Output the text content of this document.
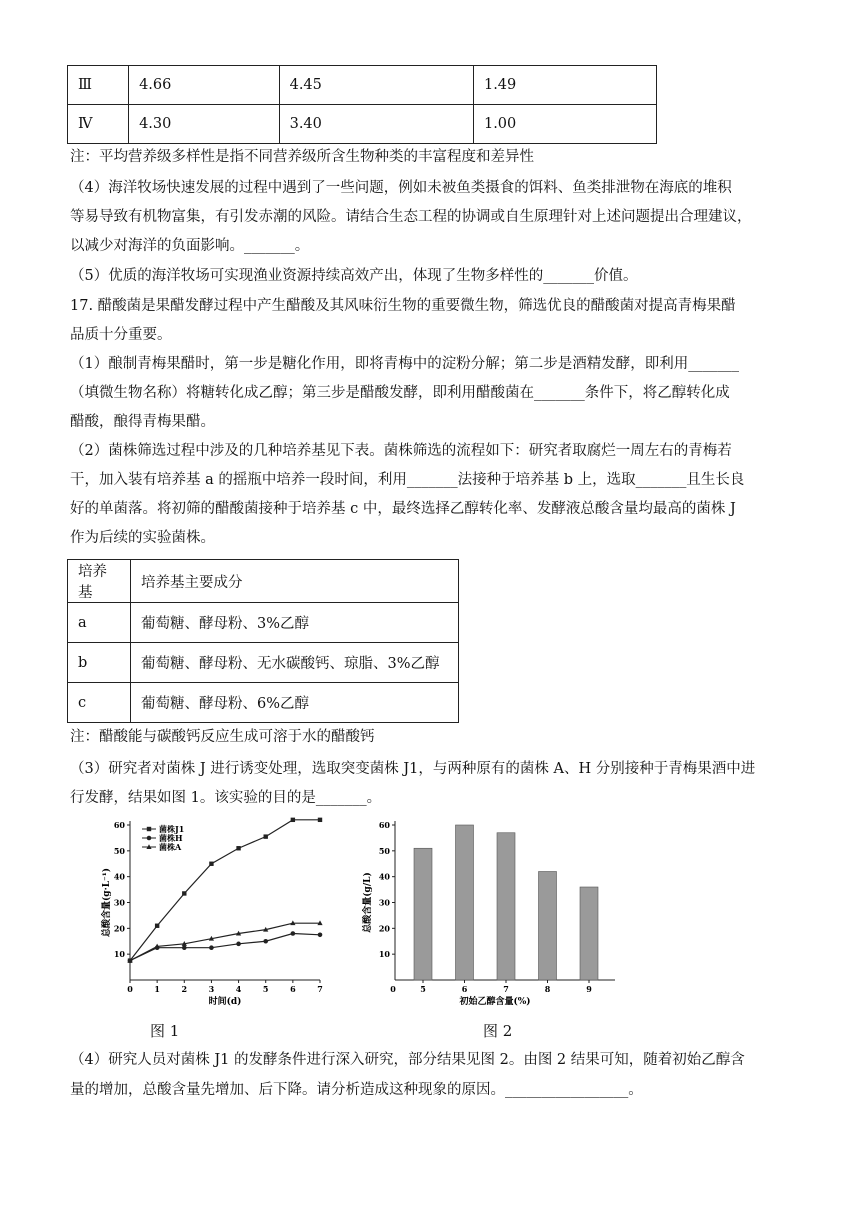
Ⅲ	4.66	4.45	1.49
Ⅳ	4.30	3.40	1.00
注：平均营养级多样性是指不同营养级所含生物种类的丰富程度和差异性
（4）海洋牧场快速发展的过程中遇到了一些问题，例如未被鱼类摄食的饵料、鱼类排泄物在海底的堆积
等易导致有机物富集，有引发赤潮的风险。请结合生态工程的协调或自生原理针对上述问题提出合理建议，
以减少对海洋的负面影响。_______。
（5）优质的海洋牧场可实现渔业资源持续高效产出，体现了生物多样性的_______价值。
17. 醋酸菌是果醋发酵过程中产生醋酸及其风味衍生物的重要微生物，筛选优良的醋酸菌对提高青梅果醋
品质十分重要。
（1）酿制青梅果醋时，第一步是糖化作用，即将青梅中的淀粉分解；第二步是酒精发酵，即利用_______
（填微生物名称）将糖转化成乙醇；第三步是醋酸发酵，即利用醋酸菌在_______条件下，将乙醇转化成
醋酸，酿得青梅果醋。
（2）菌株筛选过程中涉及的几种培养基见下表。菌株筛选的流程如下：研究者取腐烂一周左右的青梅若
干，加入装有培养基 a 的摇瓶中培养一段时间，利用_______法接种于培养基 b 上，选取_______且生长良
好的单菌落。将初筛的醋酸菌接种于培养基 c 中，最终选择乙醇转化率、发酵液总酸含量均最高的菌株 J
作为后续的实验菌株。
培养基	培养基主要成分
a	葡萄糖、酵母粉、3%乙醇
b	葡萄糖、酵母粉、无水碳酸钙、琼脂、3%乙醇
c	葡萄糖、酵母粉、6%乙醇
注：醋酸能与碳酸钙反应生成可溶于水的醋酸钙
（3）研究者对菌株 J 进行诱变处理，选取突变菌株 J1，与两种原有的菌株 A、H 分别接种于青梅果酒中进
行发酵，结果如图 1。该实验的目的是_______。
10
20
30
40
50
60
0	1	2	3	4	5	6	7
时间(d)
总酸含量(g·L⁻¹)
菌株J1
菌株H
菌株A
图 1
10
20
30
40
50
60
0	5	6	7	8	9
初始乙醇含量(%)
总酸含量(g/L)
图 2
（4）研究人员对菌株 J1 的发酵条件进行深入研究，部分结果见图 2。由图 2 结果可知，随着初始乙醇含
量的增加，总酸含量先增加、后下降。请分析造成这种现象的原因。_________________。
